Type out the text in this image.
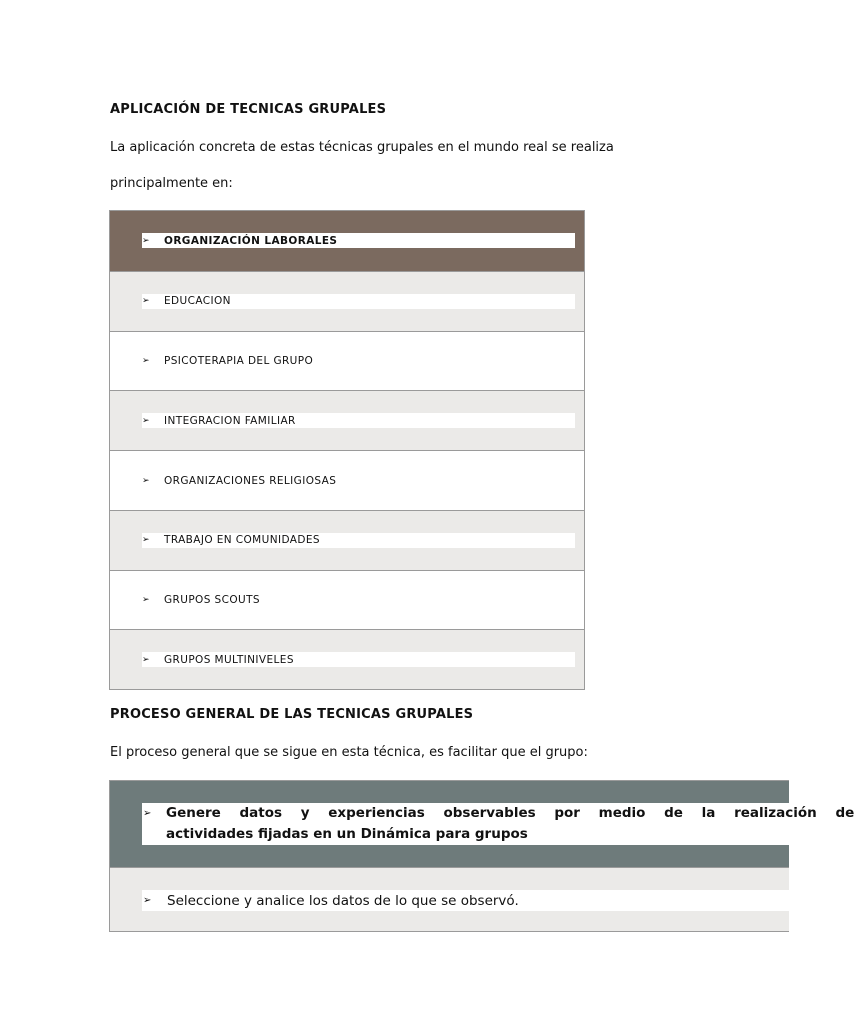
APLICACIÓN DE TECNICAS GRUPALES
La aplicación concreta de estas técnicas grupales en el mundo real se realiza
principalmente en:
➢	ORGANIZACIÓN LABORALES
➢	EDUCACION
➢	PSICOTERAPIA DEL GRUPO
➢	INTEGRACION FAMILIAR
➢	ORGANIZACIONES RELIGIOSAS
➢	TRABAJO EN COMUNIDADES
➢	GRUPOS SCOUTS
➢	GRUPOS MULTINIVELES
PROCESO GENERAL DE LAS TECNICAS GRUPALES
El proceso general que se sigue en esta técnica, es facilitar que el grupo:
➢ Genere datos y experiencias observables por medio de la realización de
actividades fijadas en un Dinámica para grupos
➢	Seleccione y analice los datos de lo que se observó.
